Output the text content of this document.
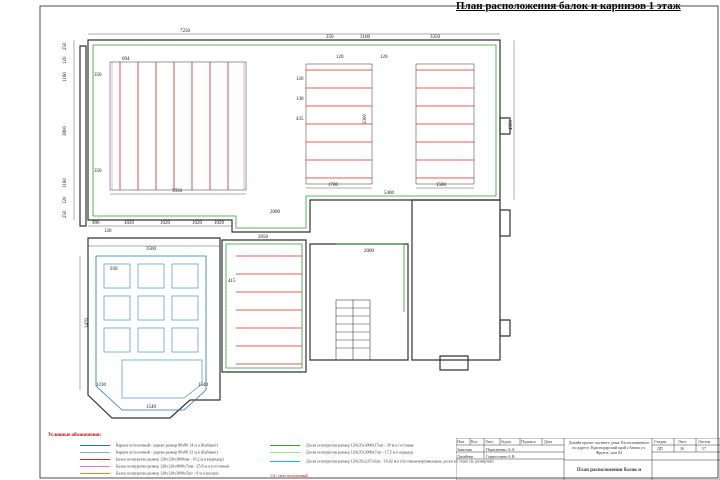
План расположения балок и карнизов 1 этаж
7250
250	3160	3350
120	120
250
120
1160
3800
1160
120
250
350
350
694
3950
3300
1700	1500
4500
5400
2000
2050
2000
900	1020	1020	1020 1020
120
3500
930
3470
1230
1540
1540
120
130
435
415
Условные обозначения:
Карниз потолочный - дерево размер 80х80 14 м.п (Кабинет)
Карниз потолочный - дерево размер 80х80 32 м.п (Кабинет)
Балка полиуретан размер 120х120х3000мм - 10,2 м.п (коридор)
Балка полиуретан размер 120х120х4000х7мм - 25,8 м.п (гостиная)
Балка полиуретан размер 120х120х3000х5шт - 9 м.п (кухня)
Доска полиуретан размер 120х35х3000х15шт - 39 м.п гостиная
Доска полиуретан размер 120х35х3000х7шт - 17,5 м.п коридор
Доска полиуретан размер 120х35х2,67х6шт - 16,02 м.п (гостиная-вертикальные доски по стене см. развертки)
1/4 - пето потолочный
Изм.	Кол.	Лист	№док.	Подпись	Дата
Заказчик	Пархоменко А.А.
Дизайнер	Горностаева А.В.
Дизайн проект частного дома. Расположенного по адресу: Краснодарский край г.Анапа ул. Фрунзе, дом 84
Стадия	Лист	Листов
ДП	30	57
План расположения балок и
